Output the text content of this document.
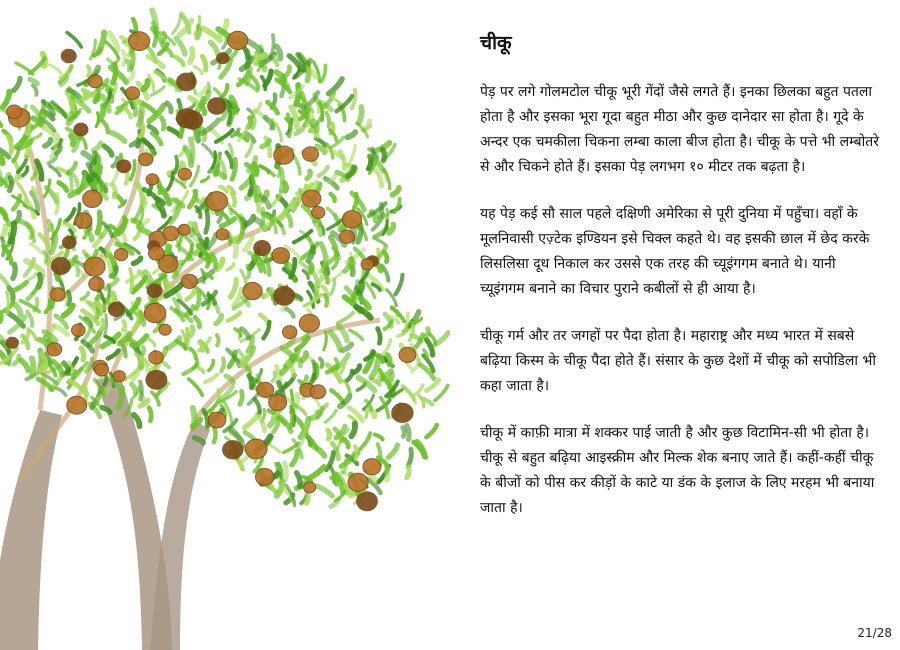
चीकू

पेड़ पर लगे गोलमटोल चीकू भूरी गेंदों जैसे लगते हैं। इनका छिलका बहुत पतला होता है और इसका भूरा गूदा बहुत मीठा और कुछ दानेदार सा होता है। गूदे के अन्दर एक चमकीला चिकना लम्बा काला बीज होता है। चीकू के पत्ते भी लम्बोतरे से और चिकने होते हैं। इसका पेड़ लगभग १० मीटर तक बढ़ता है।

यह पेड़ कई सौ साल पहले दक्षिणी अमेरिका से पूरी दुनिया में पहुँचा। वहाँ के मूलनिवासी एज़्टेक इण्डियन इसे चिक्ल कहते थे। वह इसकी छाल में छेद करके लिसलिसा दूध निकाल कर उससे एक तरह की च्यूइंगगम बनाते थे। यानी च्यूइंगगम बनाने का विचार पुराने कबीलों से ही आया है।

चीकू गर्म और तर जगहों पर पैदा होता है। महाराष्ट्र और मध्य भारत में सबसे बढ़िया किस्म के चीकू पैदा होते हैं। संसार के कुछ देशों में चीकू को सपोडिला भी कहा जाता है।

चीकू में काफ़ी मात्रा में शक्कर पाई जाती है और कुछ विटामिन-सी भी होता है। चीकू से बहुत बढ़िया आइस्क्रीम और मिल्क शेक बनाए जाते हैं। कहीं-कहीं चीकू के बीजों को पीस कर कीड़ों के काटे या डंक के इलाज के लिए मरहम भी बनाया जाता है।

21/28
